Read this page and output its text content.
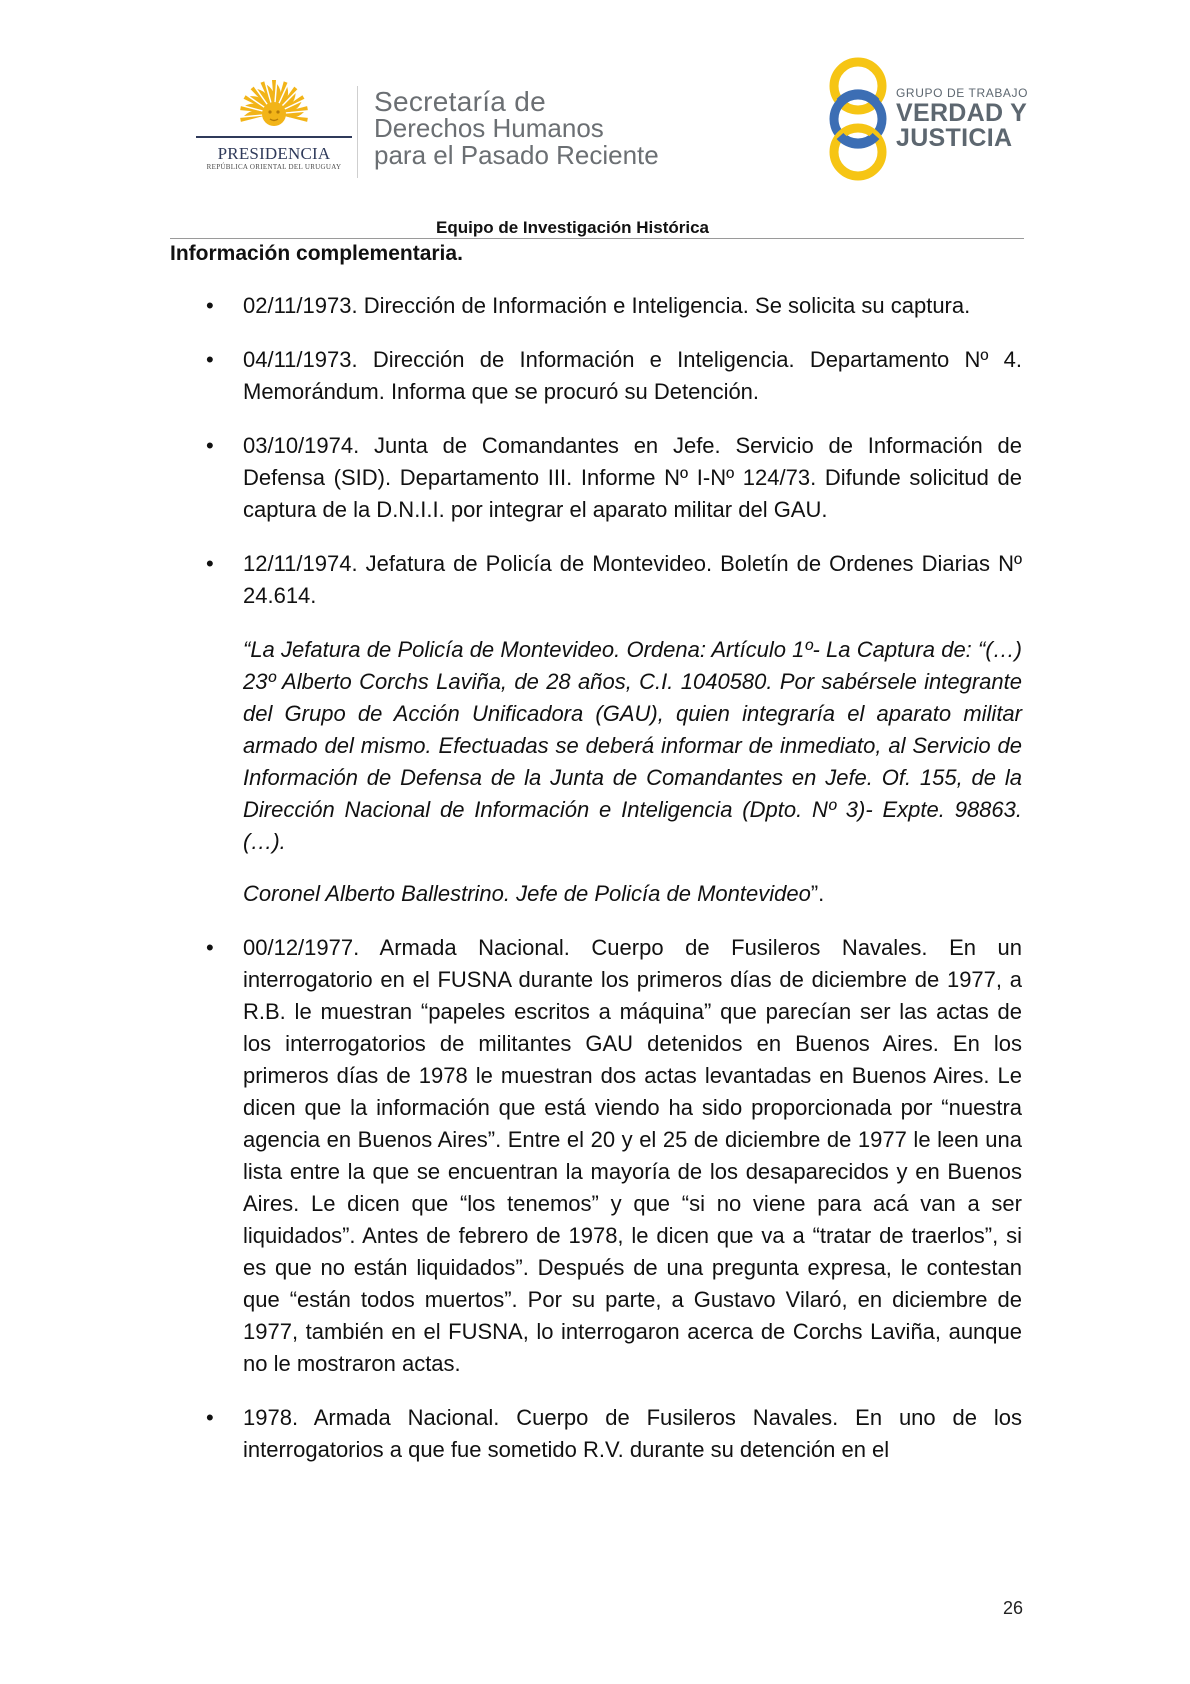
PRESIDENCIA
REPÚBLICA ORIENTAL DEL URUGUAY
Secretaría de
Derechos Humanos
para el Pasado Reciente
GRUPO DE TRABAJO
VERDAD Y
JUSTICIA
Equipo de Investigación Histórica
Información complementaria.
• 02/11/1973. Dirección de Información e Inteligencia. Se solicita su captura.

• 04/11/1973. Dirección de Información e Inteligencia. Departamento Nº 4. Memorándum. Informa que se procuró su Detención.

• 03/10/1974. Junta de Comandantes en Jefe. Servicio de Información de Defensa (SID). Departamento III. Informe Nº I-Nº 124/73. Difunde solicitud de captura de la D.N.I.I. por integrar el aparato militar del GAU.

• 12/11/1974. Jefatura de Policía de Montevideo. Boletín de Ordenes Diarias Nº 24.614.

“La Jefatura de Policía de Montevideo. Ordena: Artículo 1º- La Captura de: “(…) 23º Alberto Corchs Laviña, de 28 años, C.I. 1040580. Por sabérsele integrante del Grupo de Acción Unificadora (GAU), quien integraría el aparato militar armado del mismo. Efectuadas se deberá informar de inmediato, al Servicio de Información de Defensa de la Junta de Comandantes en Jefe. Of. 155, de la Dirección Nacional de Información e Inteligencia (Dpto. Nº 3)- Expte. 98863. (…).

Coronel Alberto Ballestrino. Jefe de Policía de Montevideo”.

• 00/12/1977. Armada Nacional. Cuerpo de Fusileros Navales. En un interrogatorio en el FUSNA durante los primeros días de diciembre de 1977, a R.B. le muestran “papeles escritos a máquina” que parecían ser las actas de los interrogatorios de militantes GAU detenidos en Buenos Aires. En los primeros días de 1978 le muestran dos actas levantadas en Buenos Aires. Le dicen que la información que está viendo ha sido proporcionada por “nuestra agencia en Buenos Aires”. Entre el 20 y el 25 de diciembre de 1977 le leen una lista entre la que se encuentran la mayoría de los desaparecidos y en Buenos Aires. Le dicen que “los tenemos” y que “si no viene para acá van a ser liquidados”. Antes de febrero de 1978, le dicen que va a “tratar de traerlos”, si es que no están liquidados”. Después de una pregunta expresa, le contestan que “están todos muertos”. Por su parte, a Gustavo Vilaró, en diciembre de 1977, también en el FUSNA, lo interrogaron acerca de Corchs Laviña, aunque no le mostraron actas.

• 1978. Armada Nacional. Cuerpo de Fusileros Navales. En uno de los interrogatorios a que fue sometido R.V. durante su detención en el

26
